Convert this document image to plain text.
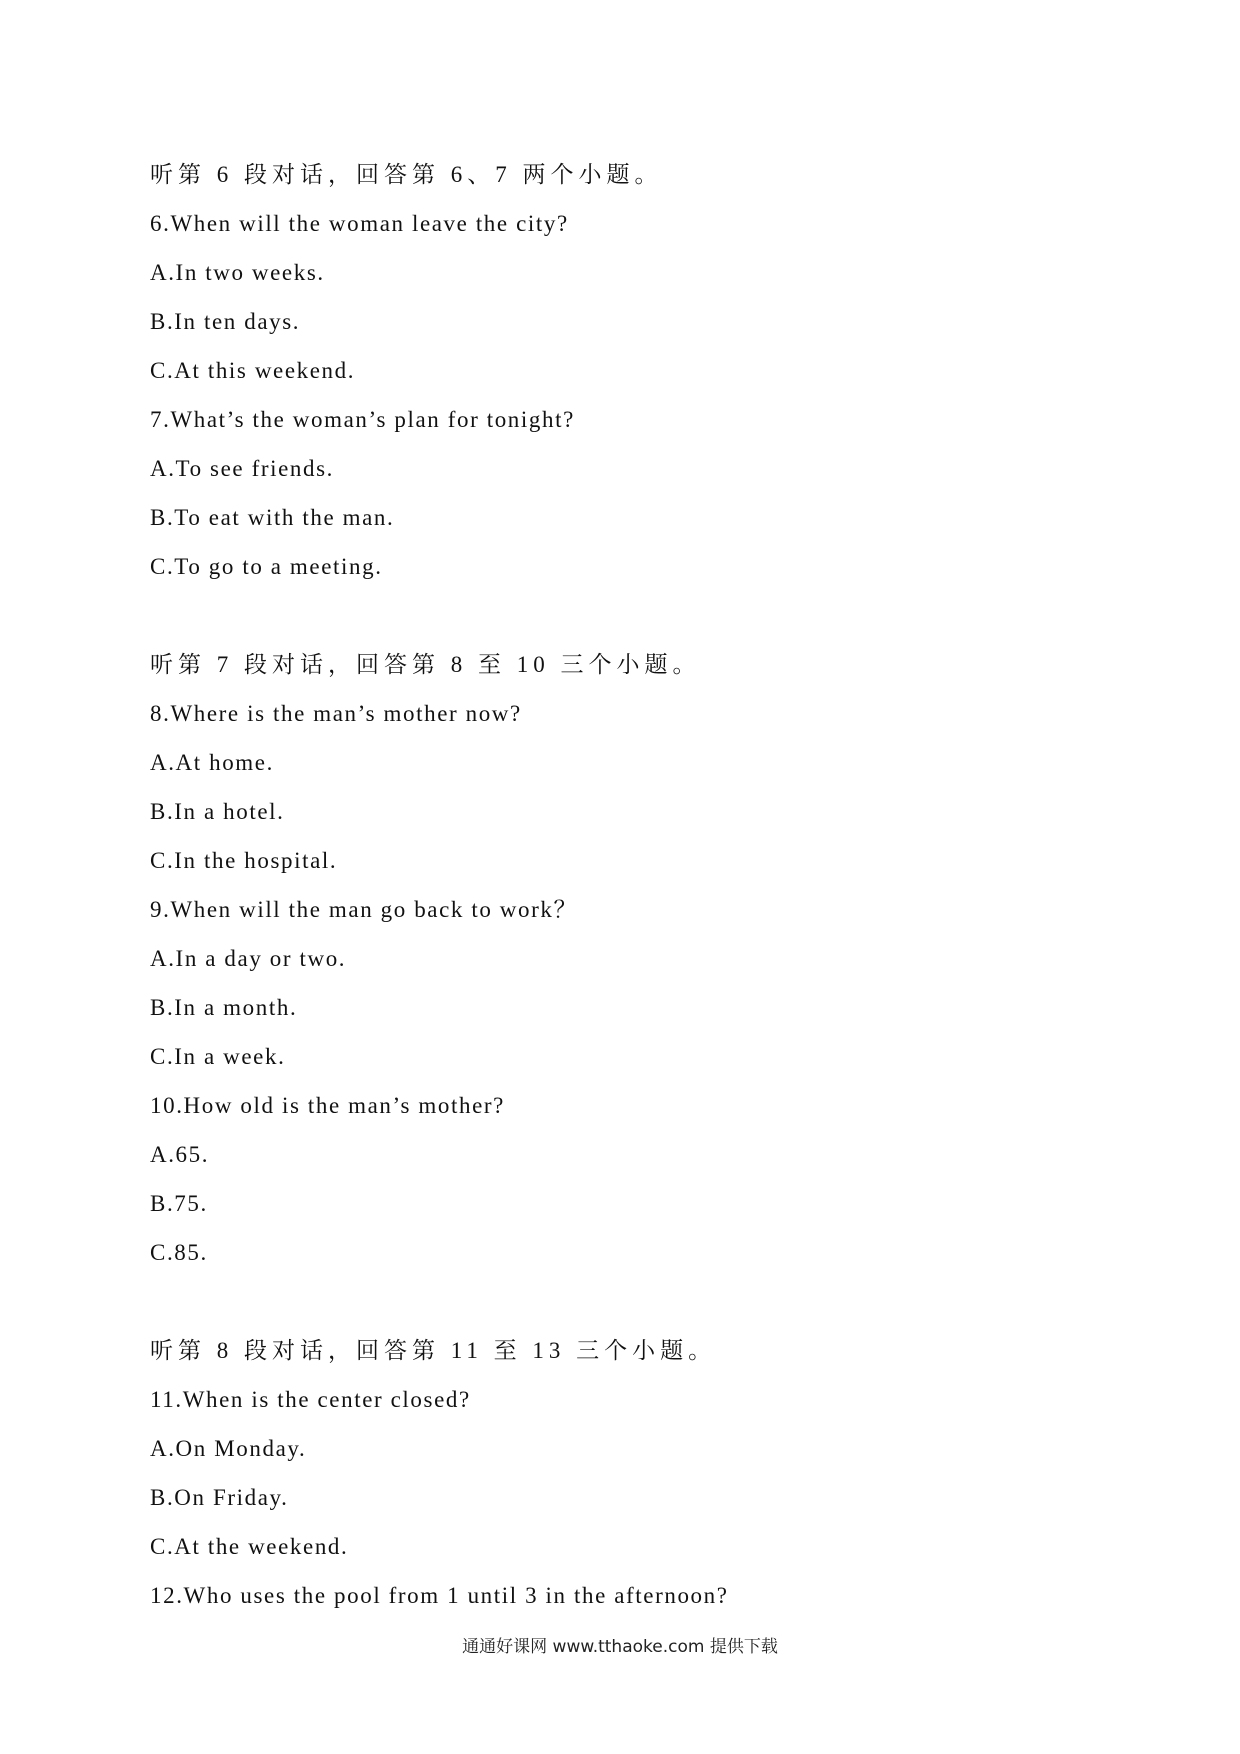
听第 6 段对话，回答第 6、7 两个小题。
6.When will the woman leave the city?
A.In two weeks.
B.In ten days.
C.At this weekend.
7.What’s the woman’s plan for tonight?
A.To see friends.
B.To eat with the man.
C.To go to a meeting.
听第 7 段对话，回答第 8 至 10 三个小题。
8.Where is the man’s mother now?
A.At home.
B.In a hotel.
C.In the hospital.
9.When will the man go back to work？
A.In a day or two.
B.In a month.
C.In a week.
10.How old is the man’s mother?
A.65.
B.75.
C.85.
听第 8 段对话，回答第 11 至 13 三个小题。
11.When is the center closed?
A.On Monday.
B.On Friday.
C.At the weekend.
12.Who uses the pool from 1 until 3 in the afternoon?
通通好课网 www.tthaoke.com 提供下载
